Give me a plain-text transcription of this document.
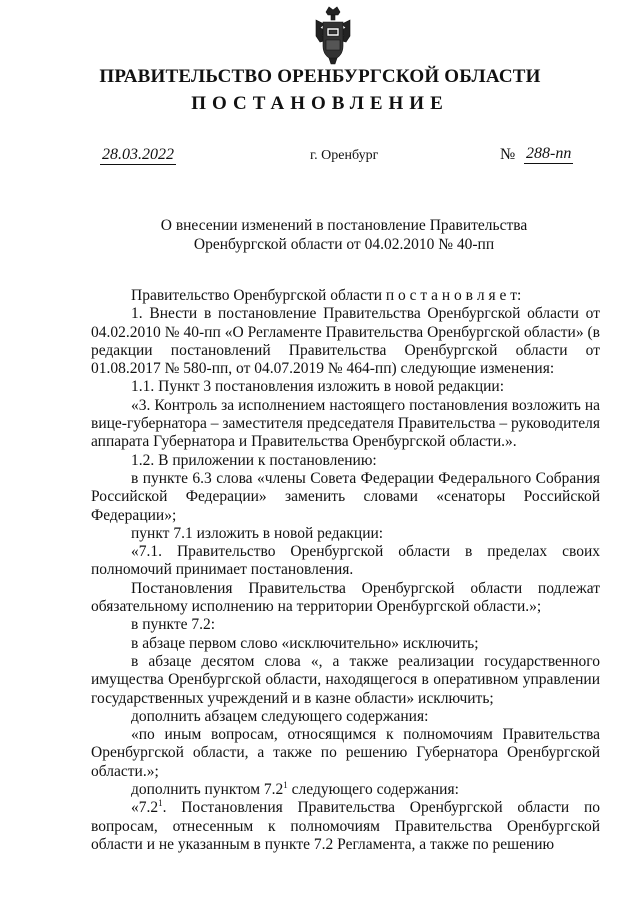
ПРАВИТЕЛЬСТВО ОРЕНБУРГСКОЙ ОБЛАСТИ
ПОСТАНОВЛЕНИЕ
28.03.2022	г. Оренбург	№ 288-пп
О внесении изменений в постановление Правительства
Оренбургской области от 04.02.2010 № 40-пп

Правительство Оренбургской области п о с т а н о в л я е т:

1. Внести в постановление Правительства Оренбургской области от 04.02.2010 № 40-пп «О Регламенте Правительства Оренбургской области» (в редакции постановлений Правительства Оренбургской области от 01.08.2017 № 580-пп, от 04.07.2019 № 464-пп) следующие изменения:

1.1. Пункт 3 постановления изложить в новой редакции:

«3. Контроль за исполнением настоящего постановления возложить на вице-губернатора – заместителя председателя Правительства – руководителя аппарата Губернатора и Правительства Оренбургской области.».

1.2. В приложении к постановлению:

в пункте 6.3 слова «члены Совета Федерации Федерального Собрания Российской Федерации» заменить словами «сенаторы Российской Федерации»;

пункт 7.1 изложить в новой редакции:

«7.1. Правительство Оренбургской области в пределах своих полномочий принимает постановления.

Постановления Правительства Оренбургской области подлежат обязательному исполнению на территории Оренбургской области.»;

в пункте 7.2:

в абзаце первом слово «исключительно» исключить;

в абзаце десятом слова «, а также реализации государственного имущества Оренбургской области, находящегося в оперативном управлении государственных учреждений и в казне области» исключить;

дополнить абзацем следующего содержания:

«по иным вопросам, относящимся к полномочиям Правительства Оренбургской области, а также по решению Губернатора Оренбургской области.»;

дополнить пунктом $7.2^1$ следующего содержания:

«$7.2^1$. Постановления Правительства Оренбургской области по вопросам, отнесенным к полномочиям Правительства Оренбургской области и не указанным в пункте 7.2 Регламента, а также по решению
